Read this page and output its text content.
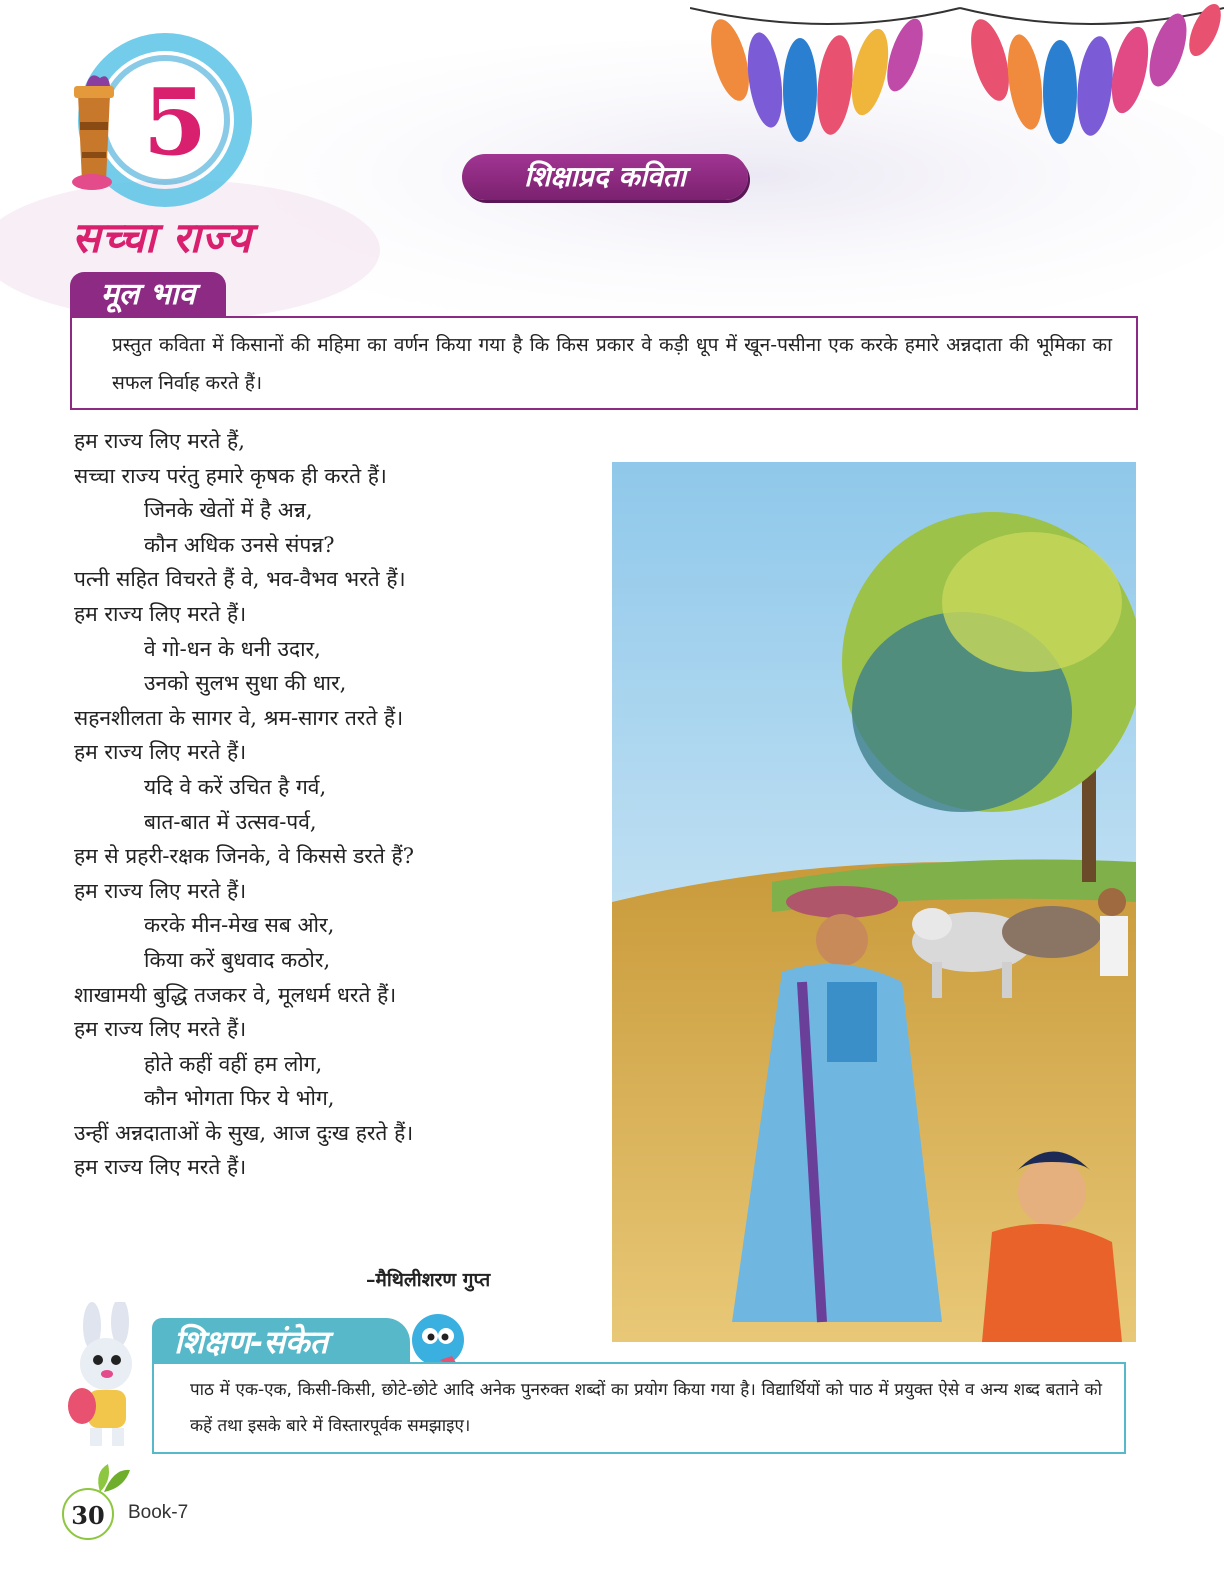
5
सच्चा राज्य
शिक्षाप्रद कविता
मूल भाव
प्रस्तुत कविता में किसानों की महिमा का वर्णन किया गया है कि किस प्रकार वे कड़ी धूप में खून-पसीना एक करके हमारे अन्नदाता की भूमिका का सफल निर्वाह करते हैं।
हम राज्य लिए मरते हैं,
सच्चा राज्य परंतु हमारे कृषक ही करते हैं।
जिनके खेतों में है अन्न,
कौन अधिक उनसे संपन्न?
पत्नी सहित विचरते हैं वे, भव-वैभव भरते हैं।
हम राज्य लिए मरते हैं।
वे गो-धन के धनी उदार,
उनको सुलभ सुधा की धार,
सहनशीलता के सागर वे, श्रम-सागर तरते हैं।
हम राज्य लिए मरते हैं।
यदि वे करें उचित है गर्व,
बात-बात में उत्सव-पर्व,
हम से प्रहरी-रक्षक जिनके, वे किससे डरते हैं?
हम राज्य लिए मरते हैं।
करके मीन-मेख सब ओर,
किया करें बुधवाद कठोर,
शाखामयी बुद्धि तजकर वे, मूलधर्म धरते हैं।
हम राज्य लिए मरते हैं।
होते कहीं वहीं हम लोग,
कौन भोगता फिर ये भोग,
उन्हीं अन्नदाताओं के सुख, आज दुःख हरते हैं।
हम राज्य लिए मरते हैं।
–मैथिलीशरण गुप्त
शिक्षण-संकेत
पाठ में एक-एक, किसी-किसी, छोटे-छोटे आदि अनेक पुनरुक्त शब्दों का प्रयोग किया गया है। विद्यार्थियों को पाठ में प्रयुक्त ऐसे व अन्य शब्द बताने को कहें तथा इसके बारे में विस्तारपूर्वक समझाइए।
30	Book-7
